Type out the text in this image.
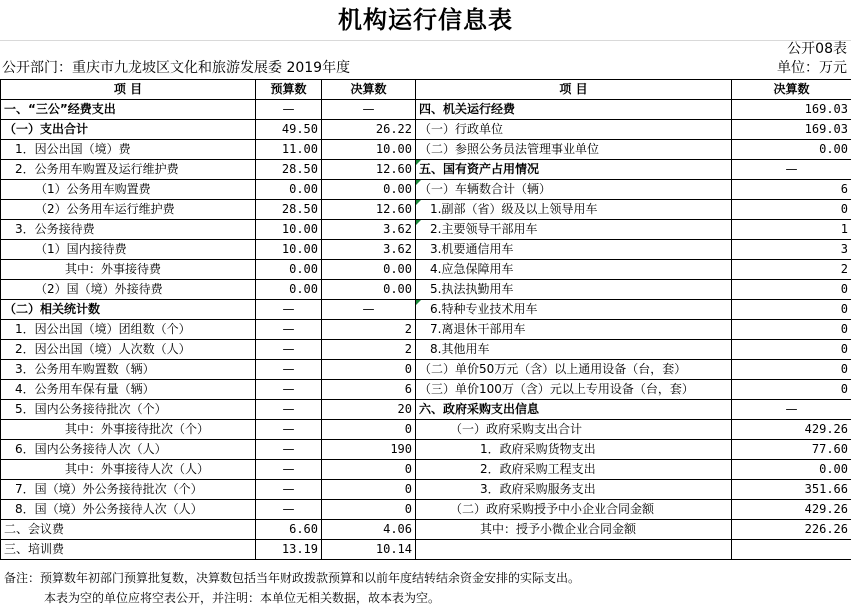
机构运行信息表
公开08表
公开部门：重庆市九龙坡区文化和旅游发展委 2019年度	单位：万元
项 目	预算数	决算数	项 目	决算数
一、“三公”经费支出	—	—	四、机关运行经费	169.03
（一）支出合计	49.50	26.22	（一）行政单位	169.03
1．因公出国（境）费	11.00	10.00	（二）参照公务员法管理事业单位	0.00
2．公务用车购置及运行维护费	28.50	12.60	五、国有资产占用情况	—
（1）公务用车购置费	0.00	0.00	（一）车辆数合计（辆）	6
（2）公务用车运行维护费	28.50	12.60	1.副部（省）级及以上领导用车	0
3．公务接待费	10.00	3.62	2.主要领导干部用车	1
（1）国内接待费	10.00	3.62	3.机要通信用车	3
其中：外事接待费	0.00	0.00	4.应急保障用车	2
（2）国（境）外接待费	0.00	0.00	5.执法执勤用车	0
（二）相关统计数	—	—	6.特种专业技术用车	0
1．因公出国（境）团组数（个）	—	2	7.离退休干部用车	0
2．因公出国（境）人次数（人）	—	2	8.其他用车	0
3．公务用车购置数（辆）	—	0	（二）单价50万元（含）以上通用设备（台，套）	0
4．公务用车保有量（辆）	—	6	（三）单价100万（含）元以上专用设备（台，套）	0
5．国内公务接待批次（个）	—	20	六、政府采购支出信息	—
其中：外事接待批次（个）	—	0	（一）政府采购支出合计	429.26
6．国内公务接待人次（人）	—	190	1．政府采购货物支出	77.60
其中：外事接待人次（人）	—	0	2．政府采购工程支出	0.00
7．国（境）外公务接待批次（个）	—	0	3．政府采购服务支出	351.66
8．国（境）外公务接待人次（人）	—	0	（二）政府采购授予中小企业合同金额	429.26
二、会议费	6.60	4.06	其中：授予小微企业合同金额	226.26
三、培训费	13.19	10.14		
备注：预算数年初部门预算批复数，决算数包括当年财政拨款预算和以前年度结转结余资金安排的实际支出。
本表为空的单位应将空表公开，并注明：本单位无相关数据，故本表为空。
